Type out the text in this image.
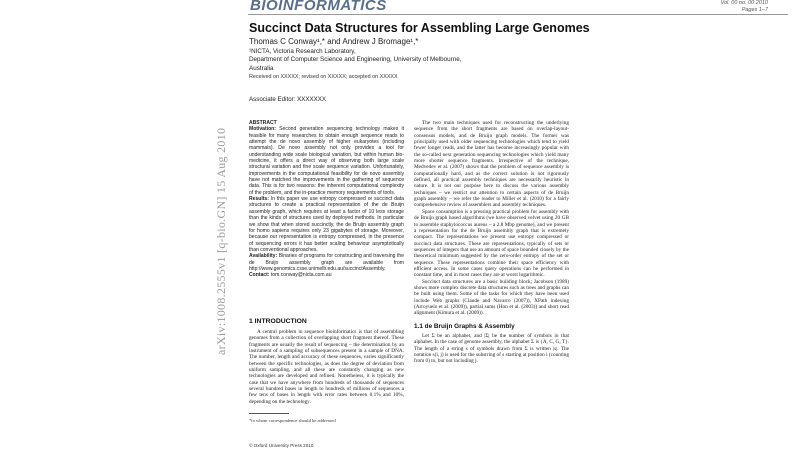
BIOINFORMATICS	Vol. 00 no. 00 2010
Pages 1–7
Succinct Data Structures for Assembling Large Genomes
Thomas C Conway¹,* and Andrew J Bromage¹,*
¹NICTA, Victoria Research Laboratory,
Department of Computer Science and Engineering, University of Melbourne,
Australia
Received on XXXXX; revised on XXXXX; accepted on XXXXX
Associate Editor: XXXXXXX
arXiv:1008.2555v1 [q-bio.GN] 15 Aug 2010
ABSTRACT

Motivation: Second generation sequencing technology makes it feasible for many researches to obtain enough sequence reads to attempt the de novo assembly of higher eukaryotes (including mammals). De novo assembly not only provides a tool for understanding wide scale biological variation, but within human bio-medicine, it offers a direct way of observing both large scale structural variation and fine scale sequence variation. Unfortunately, improvements in the computational feasibility for de novo assembly have not matched the improvements in the gathering of sequence data. This is for two reasons: the inherent computational complexity of the problem, and the in-practice memory requirements of tools.

Results: In this paper we use entropy compressed or succinct data structures to create a practical representation of the de Bruijn assembly graph, which requires at least a factor of 10 less storage than the kinds of structures used by deployed methods. In particular we show that when stored succinctly, the de Bruijn assembly graph for homo sapiens requires only 23 gigabytes of storage. Moreover, because our representation is entropy compressed, in the presence of sequencing errors it has better scaling behaviour asymptotically than conventional approaches.

Availability: Binaries of programs for constructing and traversing the de Bruijn assembly graph are available from http://www.genomics.csse.unimelb.edu.au/succinctAssembly.

Contact: tom.conway@nicta.com.au

1 INTRODUCTION

A central problem in sequence bioinformatics is that of assembling genomes from a collection of overlapping short fragment thereof. These fragments are usually the result of sequencing – the determination by an instrument of a sampling of subsequences present in a sample of DNA. The number, length and accuracy of these sequences, varies significantly between the specific technologies, as does the degree of deviation from uniform sampling, and all these are constantly changing as new technologies are developed and refined. Nonetheless, it is typically the case that we have anywhere from hundreds of thousands of sequences several hundred bases in length to hundreds of millions of sequences a few tens of bases in length with error rates between 0.1% and 10%, depending on the technology.

*to whom correspondence should be addressed
© Oxford University Press 2010.

The two main techniques used for reconstructing the underlying sequence from the short fragments are based on overlap-layout-consensus models, and de Bruijn graph models. The former was principally used with older sequencing technologies which tend to yield fewer longer reads, and the latter has become increasingly popular with the so-called next generation sequencing technologies which yield many more shorter sequence fragments. Irrespective of the technique, Medvedev et al. (2007) shows that the problem of sequence assembly is computationally hard, and as the correct solution is not rigorously defined, all practical assembly techniques are necessarily heuristic in nature. It is not our purpose here to discuss the various assembly techniques – we restrict our attention to certain aspects of de Bruijn graph assembly – we refer the reader to Miller et al. (2010) for a fairly comprehensive review of assemblers and assembly techniques.

Space consumption is a pressing practical problem for assembly with de Bruijn graph based algorithms (we have observed velvet using 20 GB to assemble staphylococcus aureus – a 2.8 Mbp genome), and we present a representation for the de Bruijn assembly graph that is extremely compact. The representations we present use entropy compressed or succinct data structures. These are representations, typically of sets or sequences of integers that use an amount of space bounded closely by the theoretical minimum suggested by the zero-order entropy of the set or sequence. These representations combine their space efficiency with efficient access. In some cases query operations can be performed in constant time, and in most cases they are at worst logarithmic.

Succinct data structures are a basic building block; Jacobson (1989) shows more complex discrete data structures such as trees and graphs can be built using them. Some of the tasks for which they have been used include Web graphs (Claude and Navarro (2007)), XPath indexing (Arroyuelo et al. (2009)), partial sums (Hon et al. (2003)) and short read alignment (Kimura et al. (2009)).

1.1 de Bruijn Graphs & Assembly

Let Σ be an alphabet, and |Σ| be the number of symbols in that alphabet. In the case of genome assembly, the alphabet Σ is {A, C, G, T}. The length of a string s of symbols drawn from Σ is written |s|. The notation s(i, j) is used for the substring of s starting at position i (counting from 0) to, but not including j.
